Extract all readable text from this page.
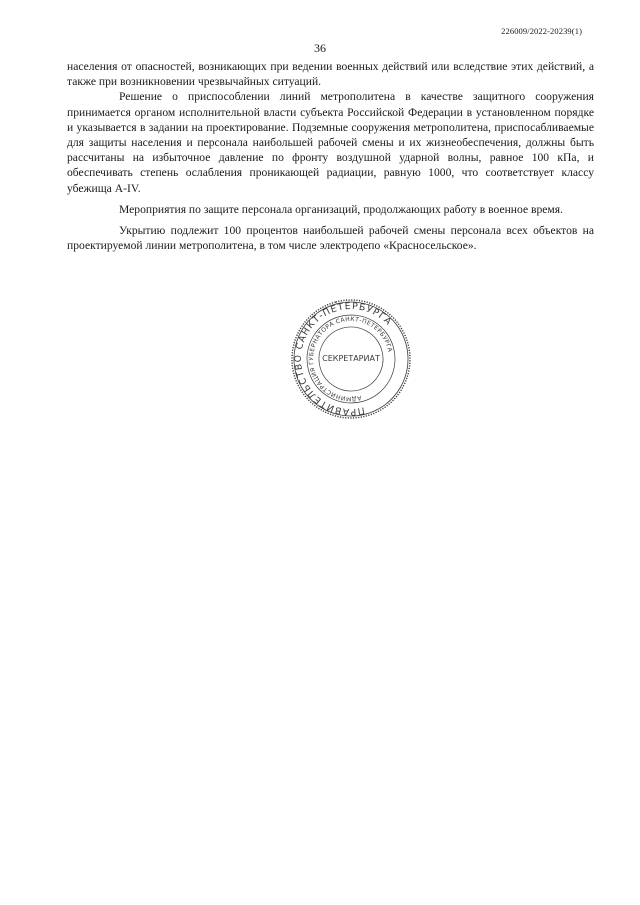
226009/2022-20239(1)
36

населения от опасностей, возникающих при ведении военных действий или вследствие этих действий, а также при возникновении чрезвычайных ситуаций.

Решение о приспособлении линий метрополитена в качестве защитного сооружения принимается органом исполнительной власти субъекта Российской Федерации в установленном порядке и указывается в задании на проектирование. Подземные сооружения метрополитена, приспосабливаемые для защиты населения и персонала наибольшей рабочей смены и их жизнеобеспечения, должны быть рассчитаны на избыточное давление по фронту воздушной ударной волны, равное 100 кПа, и обеспечивать степень ослабления проникающей радиации, равную 1000, что соответствует классу убежища А-IV.

Мероприятия по защите персонала организаций, продолжающих работу в военное время.

Укрытию подлежит 100 процентов наибольшей рабочей смены персонала всех объектов на проектируемой линии метрополитена, в том числе электродепо «Красносельское».

ПРАВИТЕЛЬСТВО САНКТ-ПЕТЕРБУРГА
АДМИНИСТРАЦИЯ ГУБЕРНАТОРА САНКТ-ПЕТЕРБУРГА
СЕКРЕТАРИАТ
